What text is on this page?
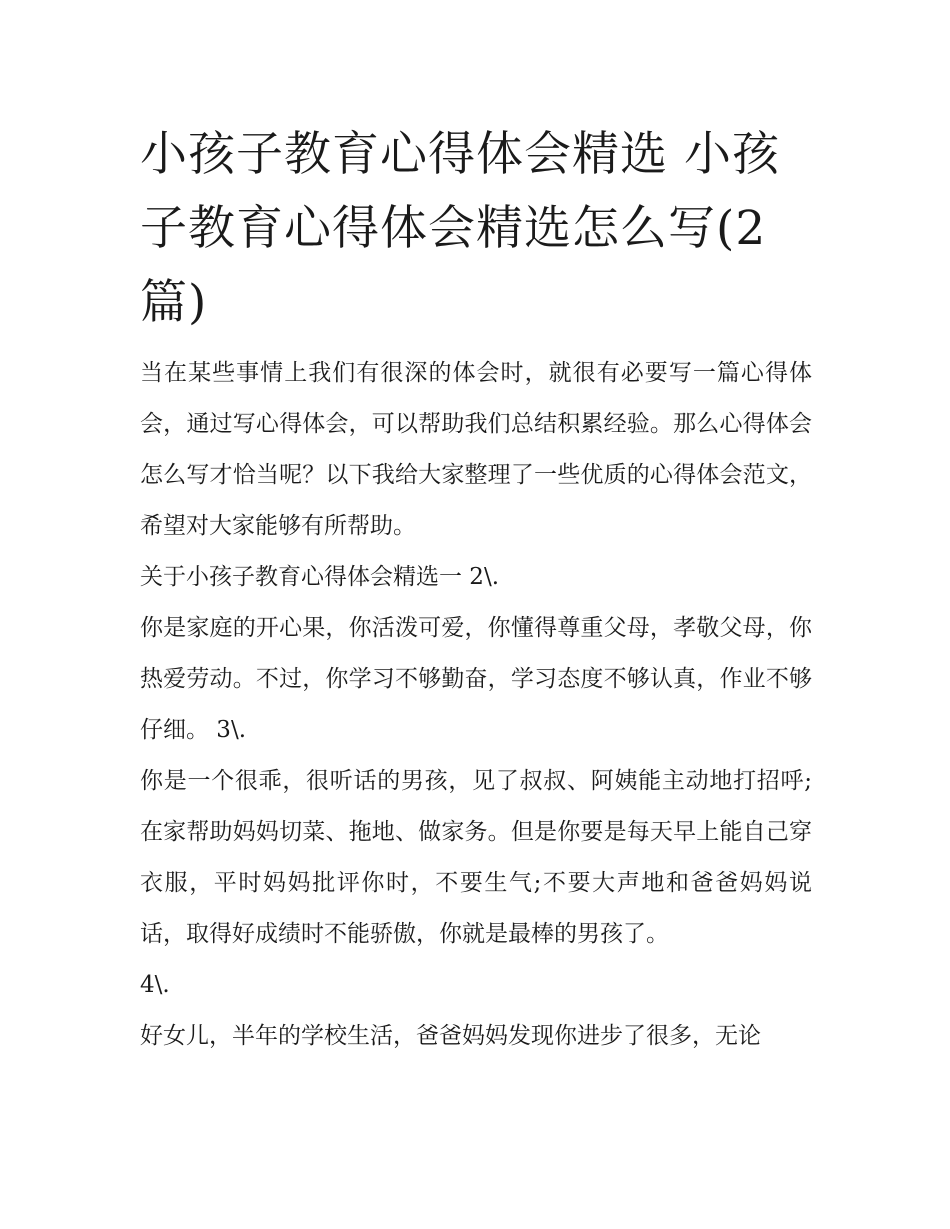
小孩子教育心得体会精选 小孩子教育心得体会精选怎么写(2篇)

当在某些事情上我们有很深的体会时，就很有必要写一篇心得体会，通过写心得体会，可以帮助我们总结积累经验。那么心得体会怎么写才恰当呢？以下我给大家整理了一些优质的心得体会范文，希望对大家能够有所帮助。

关于小孩子教育心得体会精选一 2\.

你是家庭的开心果，你活泼可爱，你懂得尊重父母，孝敬父母，你热爱劳动。不过，你学习不够勤奋，学习态度不够认真，作业不够仔细。 3\.

你是一个很乖，很听话的男孩，见了叔叔、阿姨能主动地打招呼;在家帮助妈妈切菜、拖地、做家务。但是你要是每天早上能自己穿衣服，平时妈妈批评你时，不要生气;不要大声地和爸爸妈妈说话，取得好成绩时不能骄傲，你就是最棒的男孩了。

4\.

好女儿，半年的学校生活，爸爸妈妈发现你进步了很多，无论
